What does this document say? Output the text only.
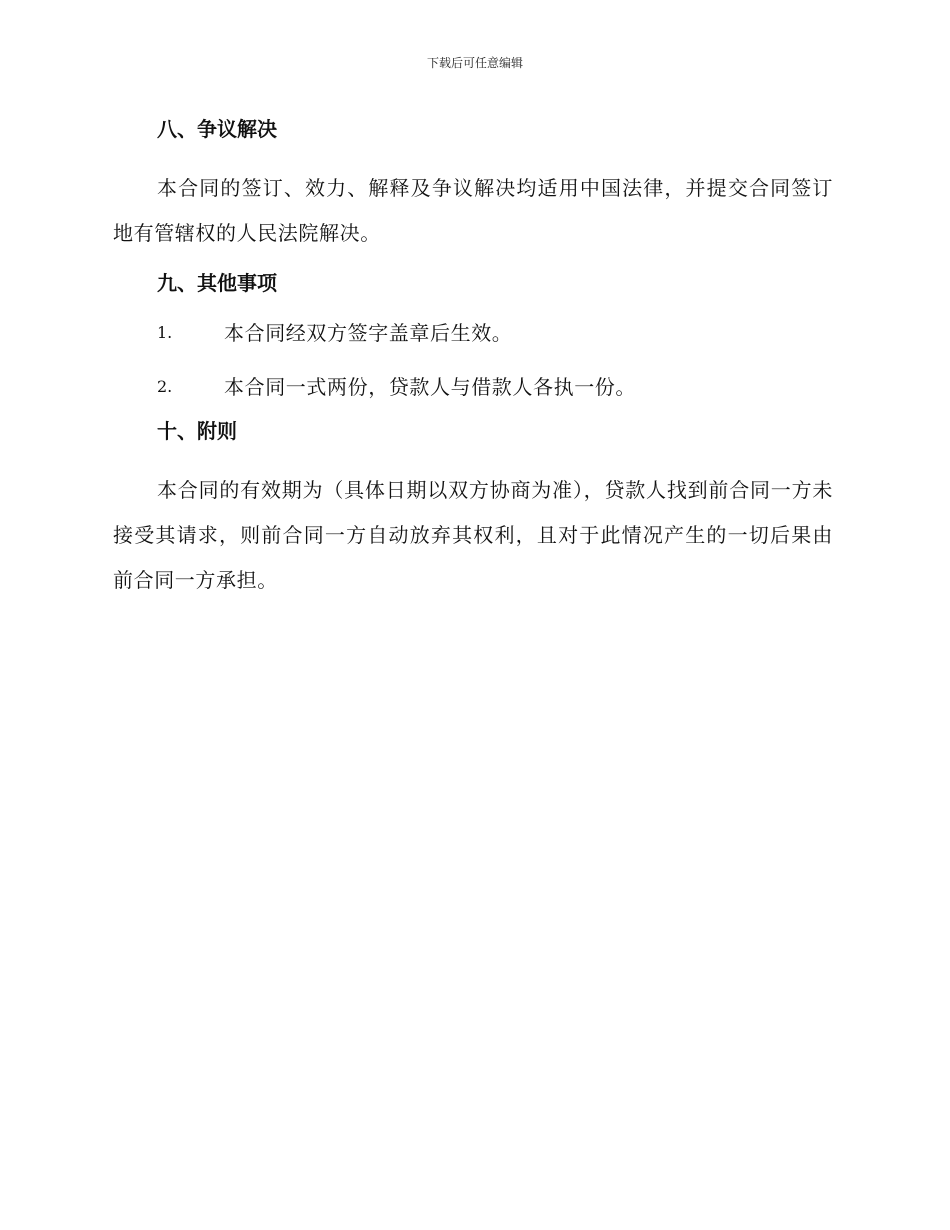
下载后可任意编辑
八、争议解决

本合同的签订、效力、解释及争议解决均适用中国法律，并提交合同签订地有管辖权的人民法院解决。

九、其他事项
1.	本合同经双方签字盖章后生效。
2.	本合同一式两份，贷款人与借款人各执一份。
十、附则

本合同的有效期为（具体日期以双方协商为准），贷款人找到前合同一方未接受其请求，则前合同一方自动放弃其权利，且对于此情况产生的一切后果由前合同一方承担。
